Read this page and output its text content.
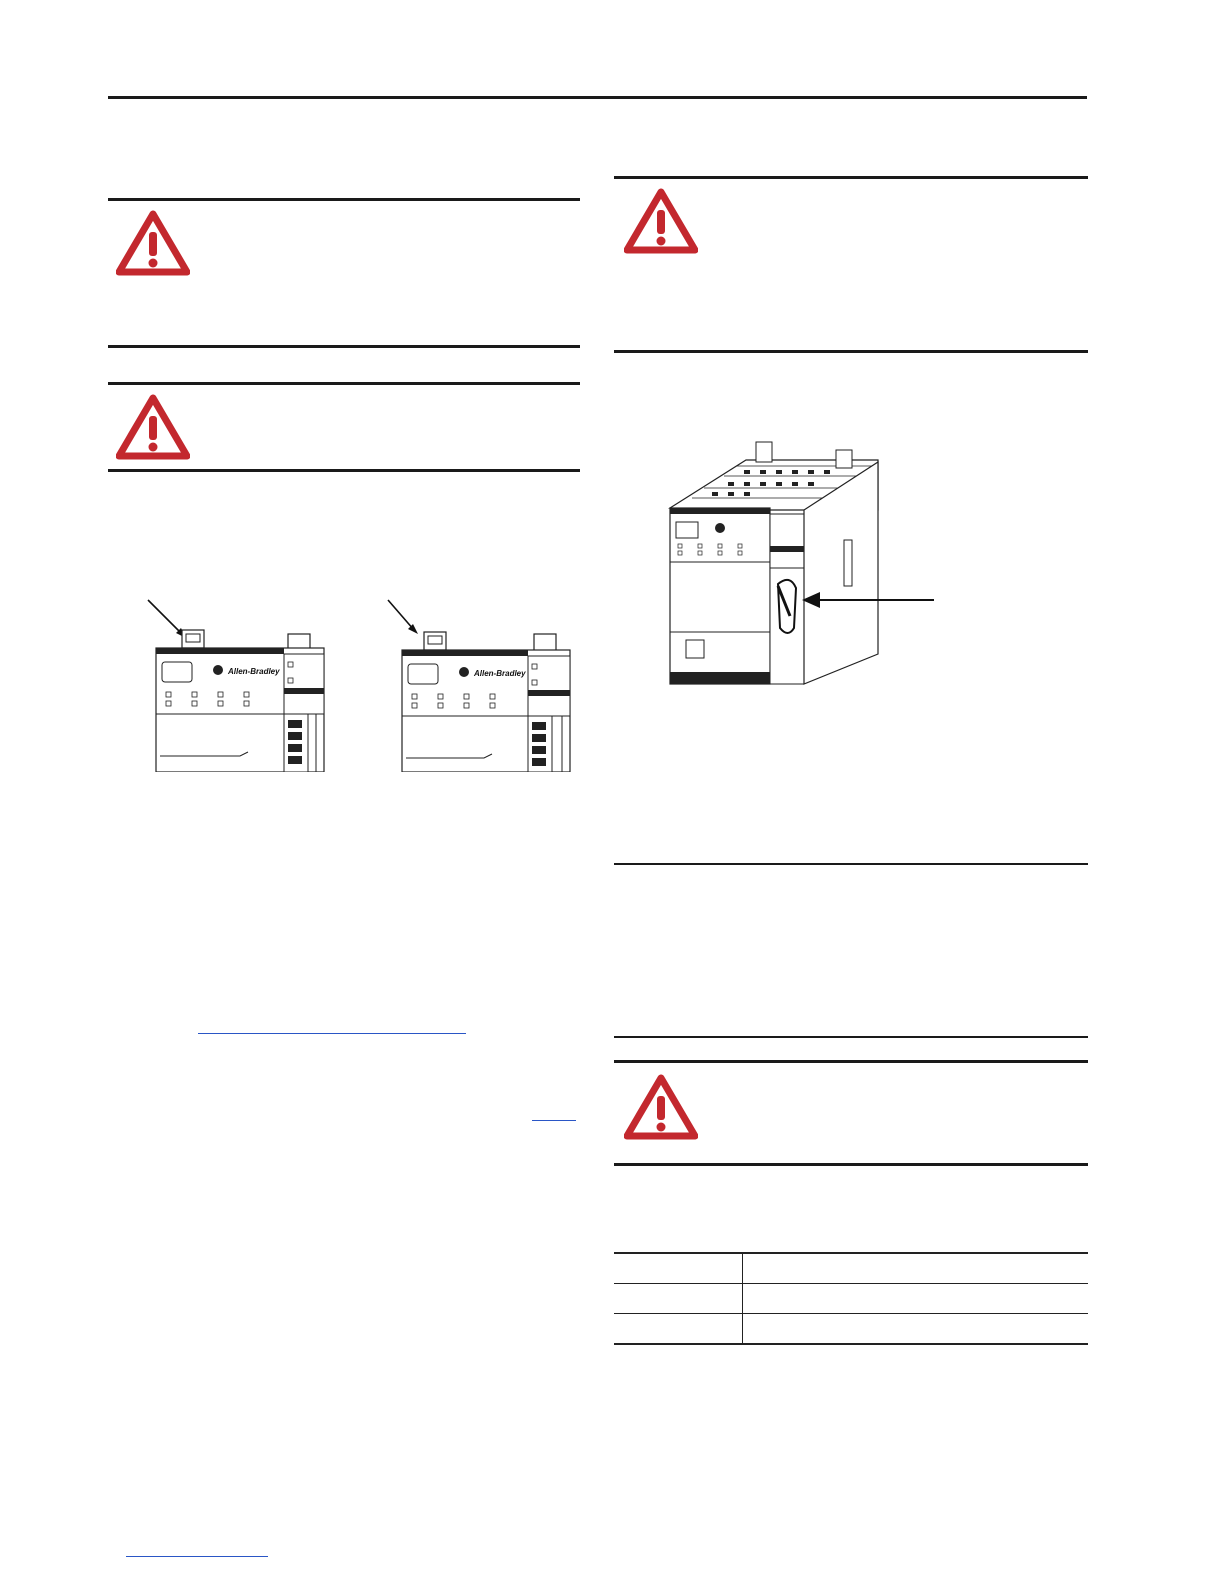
Allen-Bradley	Allen-Bradley
